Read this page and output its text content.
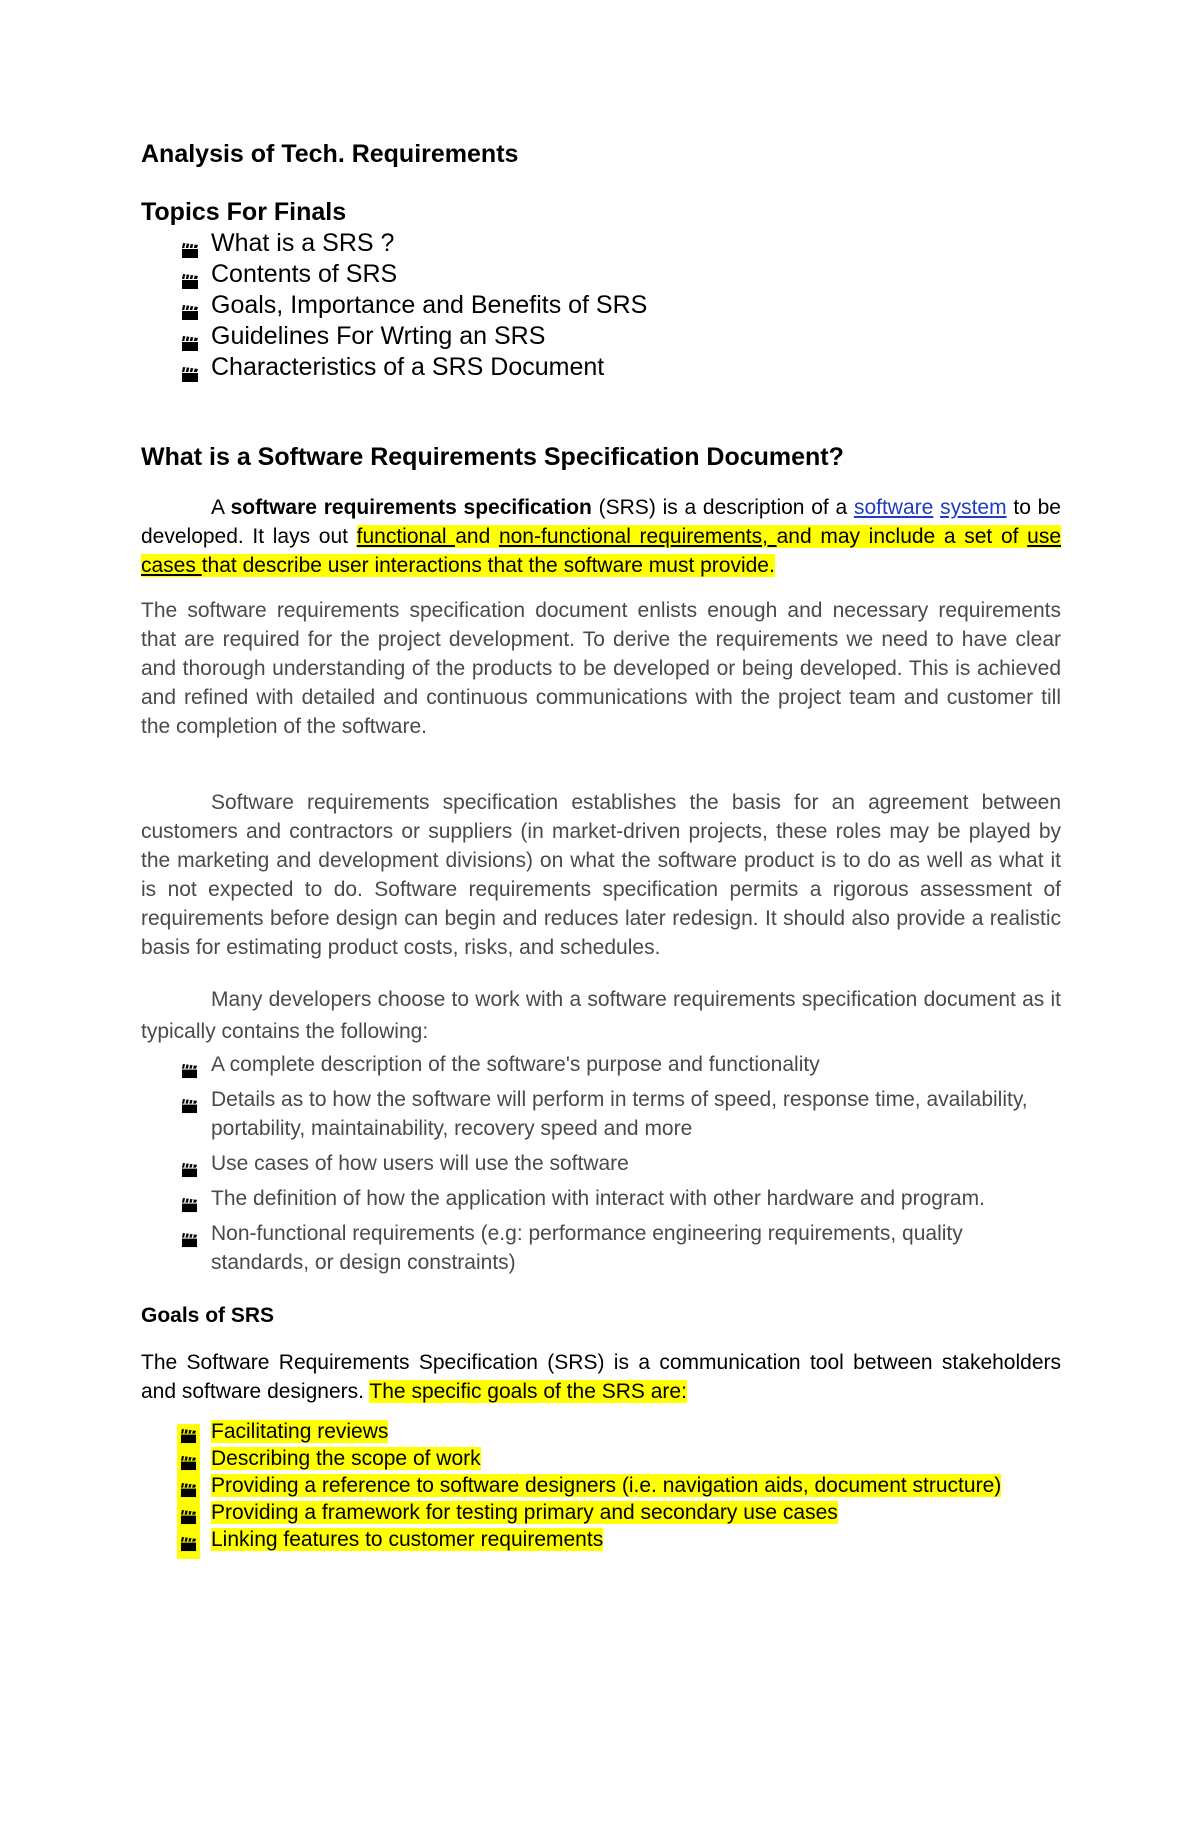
Analysis of Tech. Requirements
Topics For Finals
What is a SRS ?
Contents of SRS
Goals, Importance and Benefits of SRS
Guidelines For Wrting an SRS
Characteristics of a SRS Document
What is a Software Requirements Specification Document?

A software requirements specification (SRS) is a description of a software system to be developed. It lays out functional and non-functional requirements, and may include a set of use cases that describe user interactions that the software must provide.

The software requirements specification document enlists enough and necessary requirements that are required for the project development. To derive the requirements we need to have clear and thorough understanding of the products to be developed or being developed. This is achieved and refined with detailed and continuous communications with the project team and customer till the completion of the software.

Software requirements specification establishes the basis for an agreement between customers and contractors or suppliers (in market-driven projects, these roles may be played by the marketing and development divisions) on what the software product is to do as well as what it is not expected to do. Software requirements specification permits a rigorous assessment of requirements before design can begin and reduces later redesign. It should also provide a realistic basis for estimating product costs, risks, and schedules.

Many developers choose to work with a software requirements specification document as it typically contains the following:

A complete description of the software's purpose and functionality
Details as to how the software will perform in terms of speed, response time, availability, portability, maintainability, recovery speed and more
Use cases of how users will use the software
The definition of how the application with interact with other hardware and program.
Non-functional requirements (e.g: performance engineering requirements, quality standards, or design constraints)
Goals of SRS

The Software Requirements Specification (SRS) is a communication tool between stakeholders and software designers. The specific goals of the SRS are:

Facilitating reviews
Describing the scope of work
Providing a reference to software designers (i.e. navigation aids, document structure)
Providing a framework for testing primary and secondary use cases
Linking features to customer requirements
